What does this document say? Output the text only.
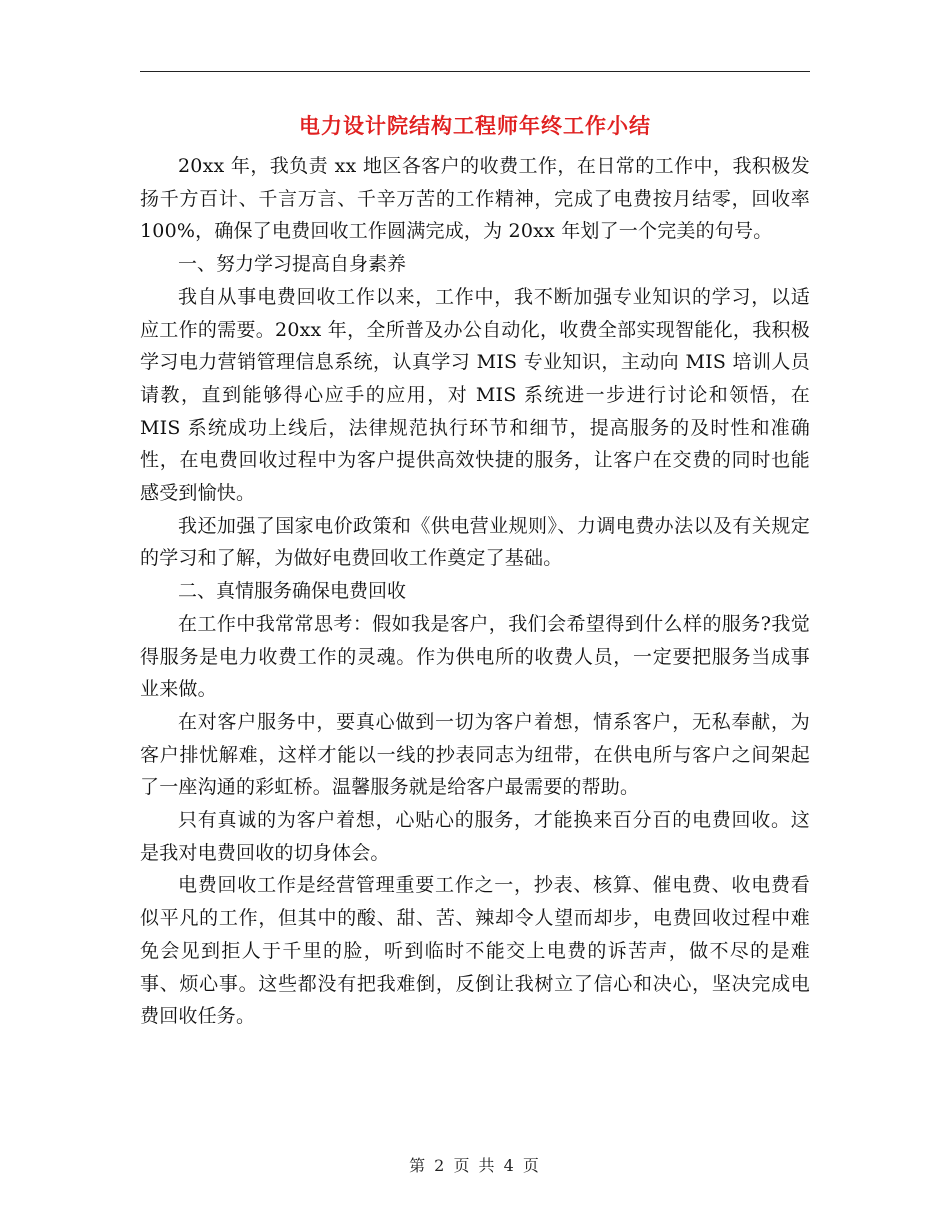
电力设计院结构工程师年终工作小结

20xx 年，我负责 xx 地区各客户的收费工作，在日常的工作中，我积极发扬千方百计、千言万言、千辛万苦的工作精神，完成了电费按月结零，回收率 100%，确保了电费回收工作圆满完成，为 20xx 年划了一个完美的句号。

一、努力学习提高自身素养

我自从事电费回收工作以来，工作中，我不断加强专业知识的学习，以适应工作的需要。20xx 年，全所普及办公自动化，收费全部实现智能化，我积极学习电力营销管理信息系统，认真学习 MIS 专业知识，主动向 MIS 培训人员请教，直到能够得心应手的应用，对 MIS 系统进一步进行讨论和领悟，在 MIS 系统成功上线后，法律规范执行环节和细节，提高服务的及时性和准确性，在电费回收过程中为客户提供高效快捷的服务，让客户在交费的同时也能感受到愉快。

我还加强了国家电价政策和《供电营业规则》、力调电费办法以及有关规定的学习和了解，为做好电费回收工作奠定了基础。

二、真情服务确保电费回收

在工作中我常常思考：假如我是客户，我们会希望得到什么样的服务?我觉得服务是电力收费工作的灵魂。作为供电所的收费人员，一定要把服务当成事业来做。

在对客户服务中，要真心做到一切为客户着想，情系客户，无私奉献，为客户排忧解难，这样才能以一线的抄表同志为纽带，在供电所与客户之间架起了一座沟通的彩虹桥。温馨服务就是给客户最需要的帮助。

只有真诚的为客户着想，心贴心的服务，才能换来百分百的电费回收。这是我对电费回收的切身体会。

电费回收工作是经营管理重要工作之一，抄表、核算、催电费、收电费看似平凡的工作，但其中的酸、甜、苦、辣却令人望而却步，电费回收过程中难免会见到拒人于千里的脸，听到临时不能交上电费的诉苦声，做不尽的是难事、烦心事。这些都没有把我难倒，反倒让我树立了信心和决心，坚决完成电费回收任务。

第 2 页 共 4 页
